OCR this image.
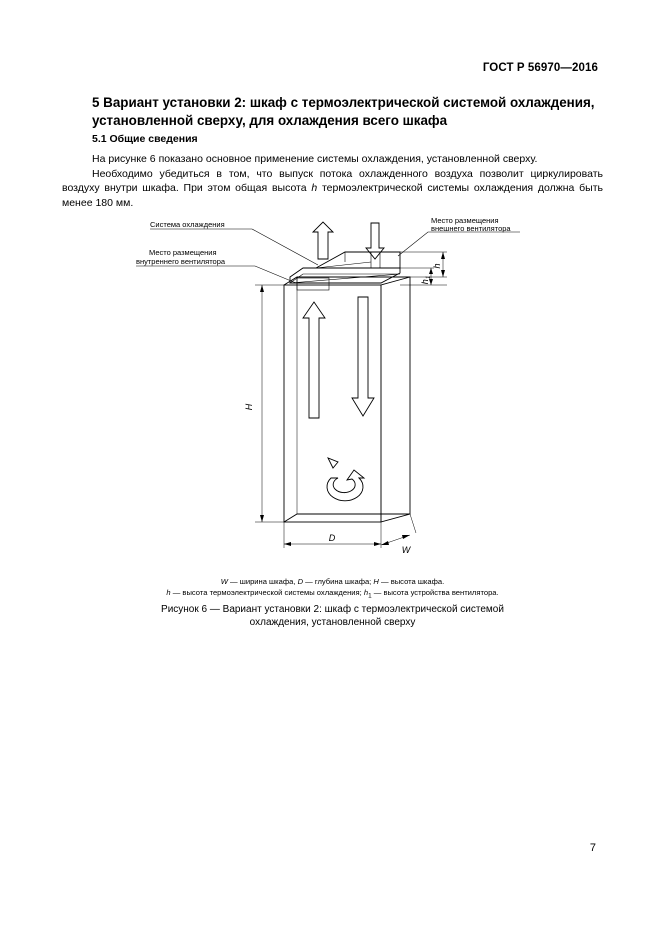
ГОСТ Р 56970—2016
5 Вариант установки 2: шкаф с термоэлектрической системой охлаждения, установленной сверху, для охлаждения всего шкафа
5.1 Общие сведения
На рисунке 6 показано основное применение системы охлаждения, установленной сверху.
Необходимо убедиться в том, что выпуск потока охлажденного воздуха позволит циркулировать воздуху внутри шкафа. При этом общая высота h термоэлектрической системы охлаждения должна быть менее 180 мм.
Система охлаждения	Место размещения
внешнего вентилятора
Место размещения
внутреннего вентилятора
H
D
W
h
$h_1$
W — ширина шкафа, D — глубина шкафа; H — высота шкафа.
h — высота термоэлектрической системы охлаждения; $h_1$ — высота устройства вентилятора.
Рисунок 6 — Вариант установки 2: шкаф с термоэлектрической системой
охлаждения, установленной сверху
7
